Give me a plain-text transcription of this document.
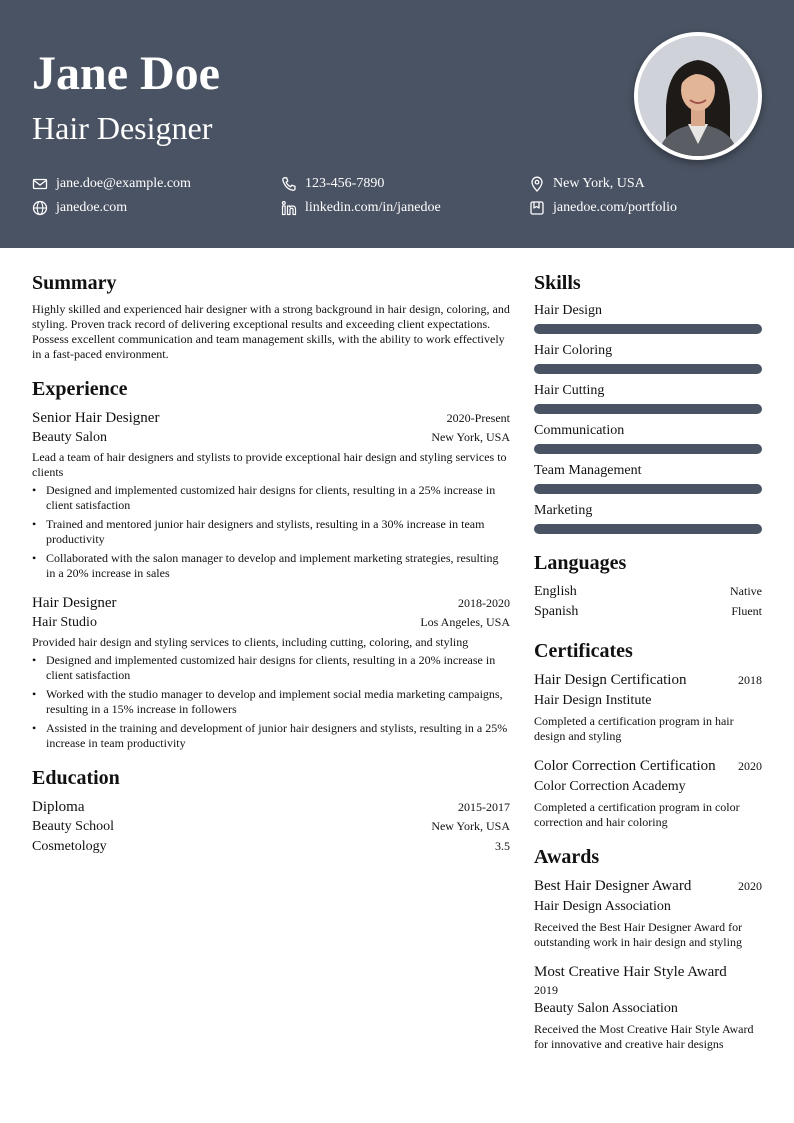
Jane Doe
Hair Designer
jane.doe@example.com	123-456-7890	New York, USA
janedoe.com	linkedin.com/in/janedoe	janedoe.com/portfolio
Summary
Highly skilled and experienced hair designer with a strong background in hair design, coloring, and styling. Proven track record of delivering exceptional results and exceeding client expectations. Possess excellent communication and team management skills, with the ability to work effectively in a fast-paced environment.
Experience
Senior Hair Designer	2020-Present
Beauty Salon	New York, USA
Lead a team of hair designers and stylists to provide exceptional hair design and styling services to clients
• Designed and implemented customized hair designs for clients, resulting in a 25% increase in client satisfaction
• Trained and mentored junior hair designers and stylists, resulting in a 30% increase in team productivity
• Collaborated with the salon manager to develop and implement marketing strategies, resulting in a 20% increase in sales
Hair Designer	2018-2020
Hair Studio	Los Angeles, USA
Provided hair design and styling services to clients, including cutting, coloring, and styling
• Designed and implemented customized hair designs for clients, resulting in a 20% increase in client satisfaction
• Worked with the studio manager to develop and implement social media marketing campaigns, resulting in a 15% increase in followers
• Assisted in the training and development of junior hair designers and stylists, resulting in a 25% increase in team productivity
Education
Diploma	2015-2017
Beauty School	New York, USA
Cosmetology	3.5
Skills
Hair Design
Hair Coloring
Hair Cutting
Communication
Team Management
Marketing
Languages
English	Native
Spanish	Fluent
Certificates
Hair Design Certification	2018
Hair Design Institute
Completed a certification program in hair design and styling
Color Correction Certification 2020
Color Correction Academy
Completed a certification program in color correction and hair coloring
Awards
Best Hair Designer Award	2020
Hair Design Association
Received the Best Hair Designer Award for outstanding work in hair design and styling
Most Creative Hair Style Award
2019
Beauty Salon Association
Received the Most Creative Hair Style Award for innovative and creative hair designs
